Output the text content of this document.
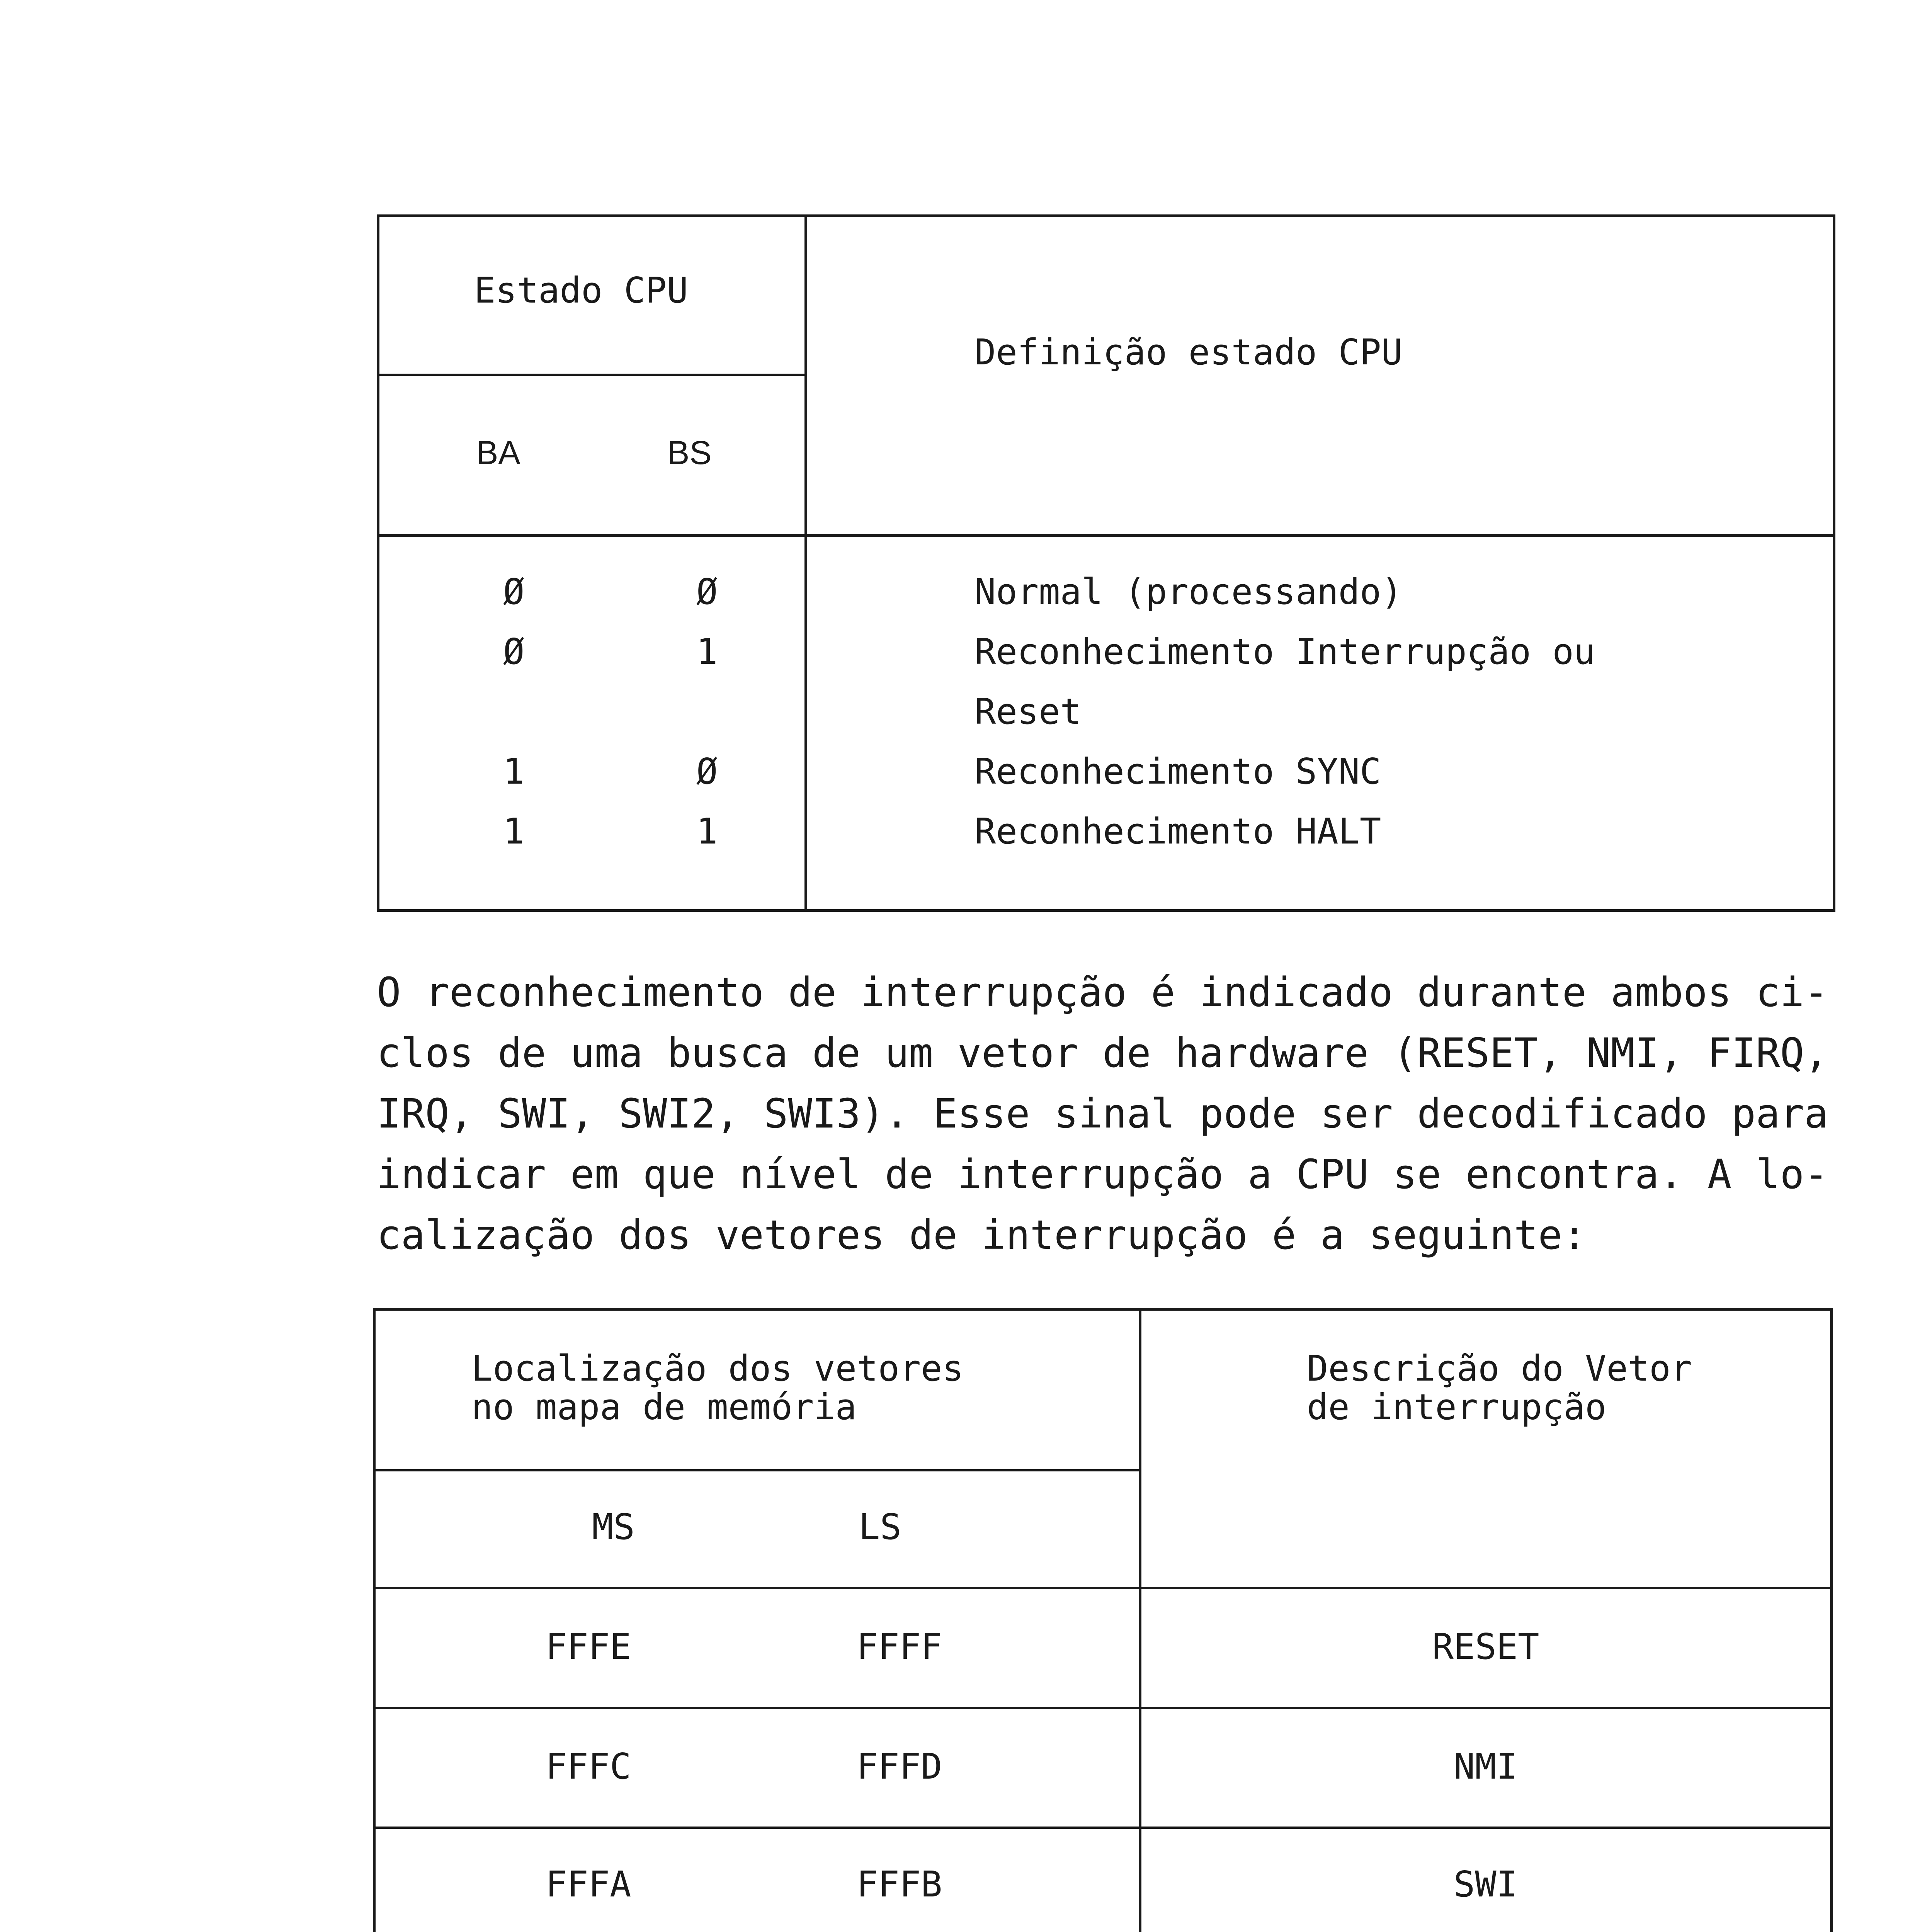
Estado CPU
Definição estado CPU
BA	BS
Ø	Ø	Normal (processando)
Ø	1	Reconhecimento Interrupção ou
Reset
1	Ø	Reconhecimento SYNC
1	1	Reconhecimento HALT
O reconhecimento de interrupção é indicado durante ambos ci-
clos de uma busca de um vetor de hardware (RESET, NMI, FIRQ,
IRQ, SWI, SWI2, SWI3). Esse sinal pode ser decodificado para
indicar em que nível de interrupção a CPU se encontra. A lo-
calização dos vetores de interrupção é a seguinte:
Localização dos vetores
no mapa de memória
Descrição do Vetor
de interrupção
MS	LS
FFFE	FFFF	RESET
FFFC	FFFD	NMI
FFFA	FFFB	SWI
